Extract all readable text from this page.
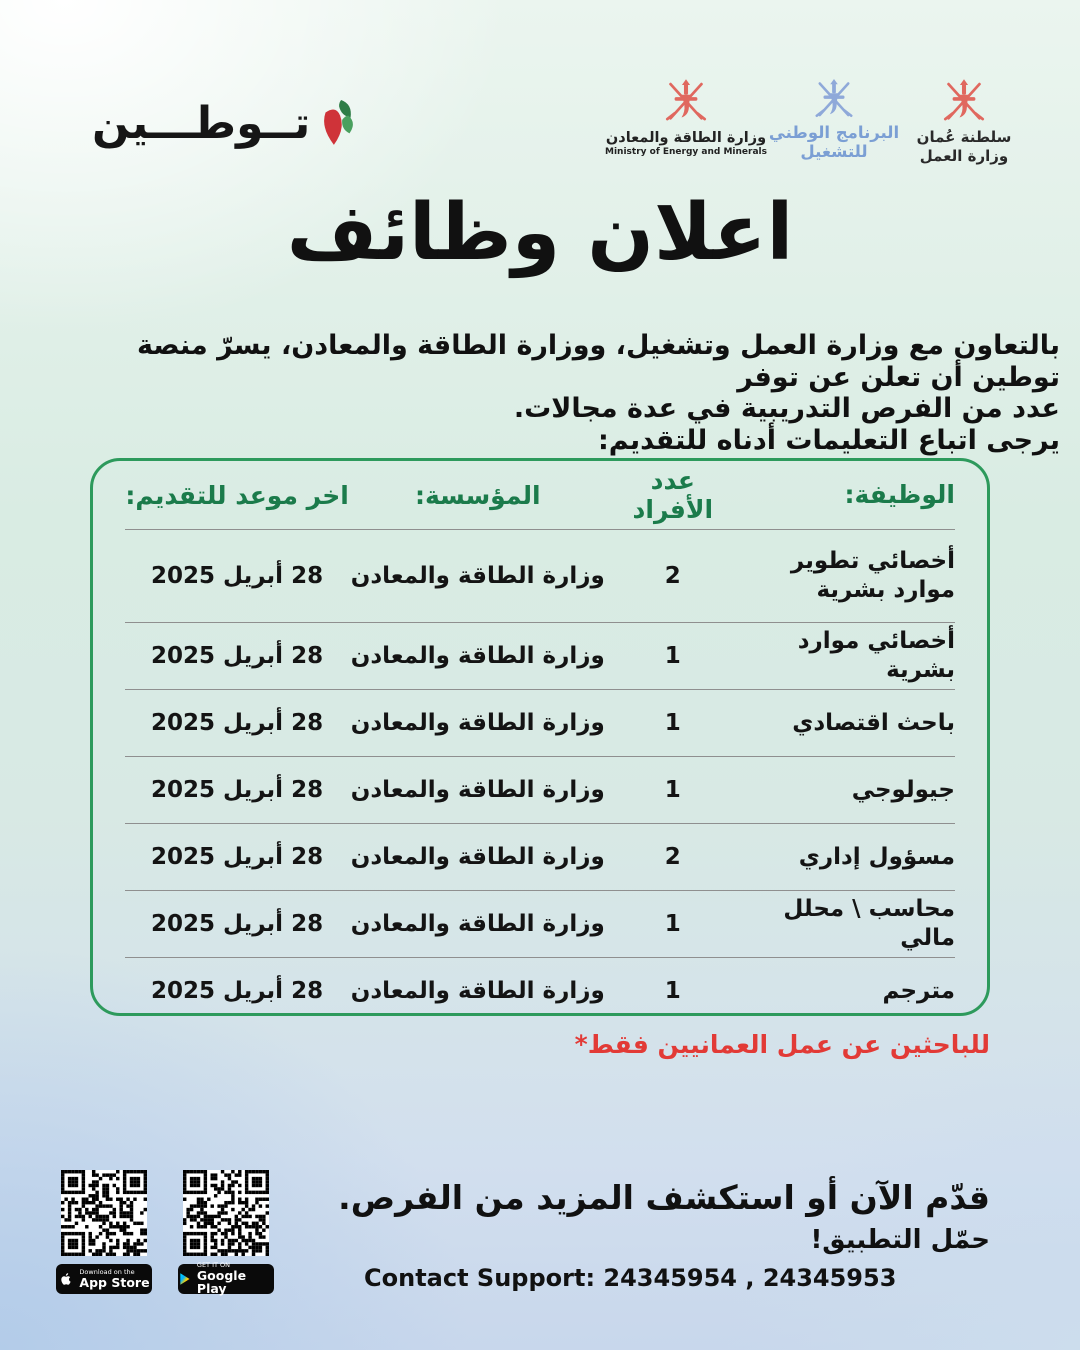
تــوطـــين	وزارة الطاقة والمعادن
Ministry of Energy and Minerals
البرنامج الوطني
للتشغيل
سلطنة عُمان
وزارة العمل
اعلان وظائف

بالتعاون مع وزارة العمل وتشغيل، ووزارة الطاقة والمعادن، يسرّ منصة توطين أن تعلن عن توفر
عدد من الفرص التدريبية في عدة مجالات.
يرجى اتباع التعليمات أدناه للتقديم:

الوظيفة:
عدد الأفراد
المؤسسة:
اخر موعد للتقديم:
أخصائي تطوير موارد بشرية
2
وزارة الطاقة والمعادن
28 أبريل 2025
أخصائي موارد بشرية
1
وزارة الطاقة والمعادن
28 أبريل 2025
باحث اقتصادي
1
وزارة الطاقة والمعادن
28 أبريل 2025
جيولوجي
1
وزارة الطاقة والمعادن
28 أبريل 2025
مسؤول إداري
2
وزارة الطاقة والمعادن
28 أبريل 2025
محاسب \ محلل مالي
1
وزارة الطاقة والمعادن
28 أبريل 2025
مترجم
1
وزارة الطاقة والمعادن
28 أبريل 2025

للباحثين عن عمل العمانيين فقط*

Download on the
App Store
GET IT ON
Google Play

قدّم الآن أو استكشف المزيد من الفرص.

حمّل التطبيق!

Contact Support: 24345954 , 24345953
